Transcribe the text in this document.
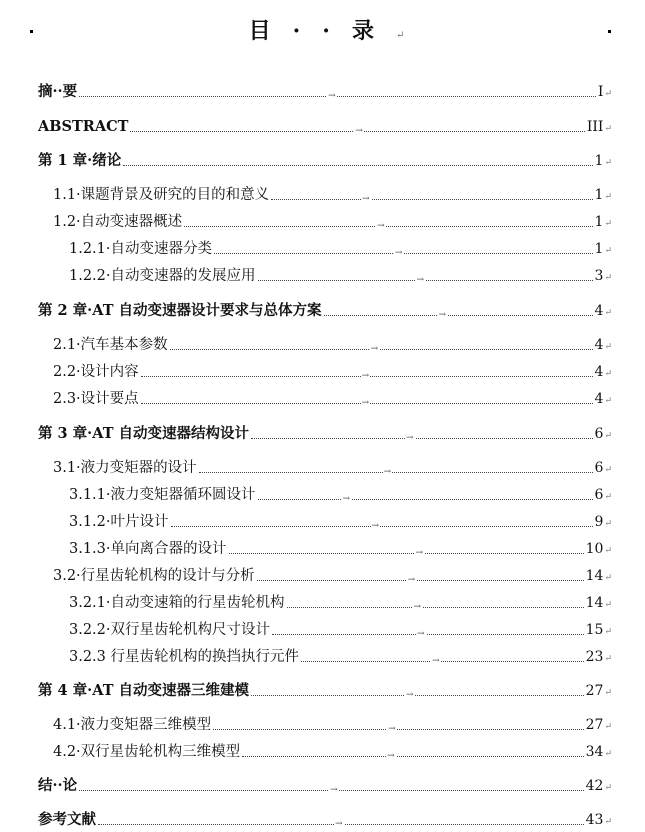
目··录↵
摘··要	→	I ↵
ABSTRACT	→	III ↵
第 1 章·绪论	1 ↵
1.1·课题背景及研究的目的和意义	→	1 ↵
1.2·自动变速器概述	→	1 ↵
1.2.1·自动变速器分类	→	1 ↵
1.2.2·自动变速器的发展应用	→	3 ↵
第 2 章·AT 自动变速器设计要求与总体方案	→	4 ↵
2.1·汽车基本参数	→	4 ↵
2.2·设计内容	→	4 ↵
2.3·设计要点	→	4 ↵
第 3 章·AT 自动变速器结构设计	→	6 ↵
3.1·液力变矩器的设计	→	6 ↵
3.1.1·液力变矩器循环圆设计	→	6 ↵
3.1.2·叶片设计	→	9 ↵
3.1.3·单向离合器的设计	→	10 ↵
3.2·行星齿轮机构的设计与分析	→	14 ↵
3.2.1·自动变速箱的行星齿轮机构	→	14 ↵
3.2.2·双行星齿轮机构尺寸设计	→	15 ↵
3.2.3 行星齿轮机构的换挡执行元件	→	23 ↵
第 4 章·AT 自动变速器三维建模	→	27 ↵
4.1·液力变矩器三维模型	→	27 ↵
4.2·双行星齿轮机构三维模型	→	34 ↵
结··论	→	42 ↵
参考文献	→	43 ↵
